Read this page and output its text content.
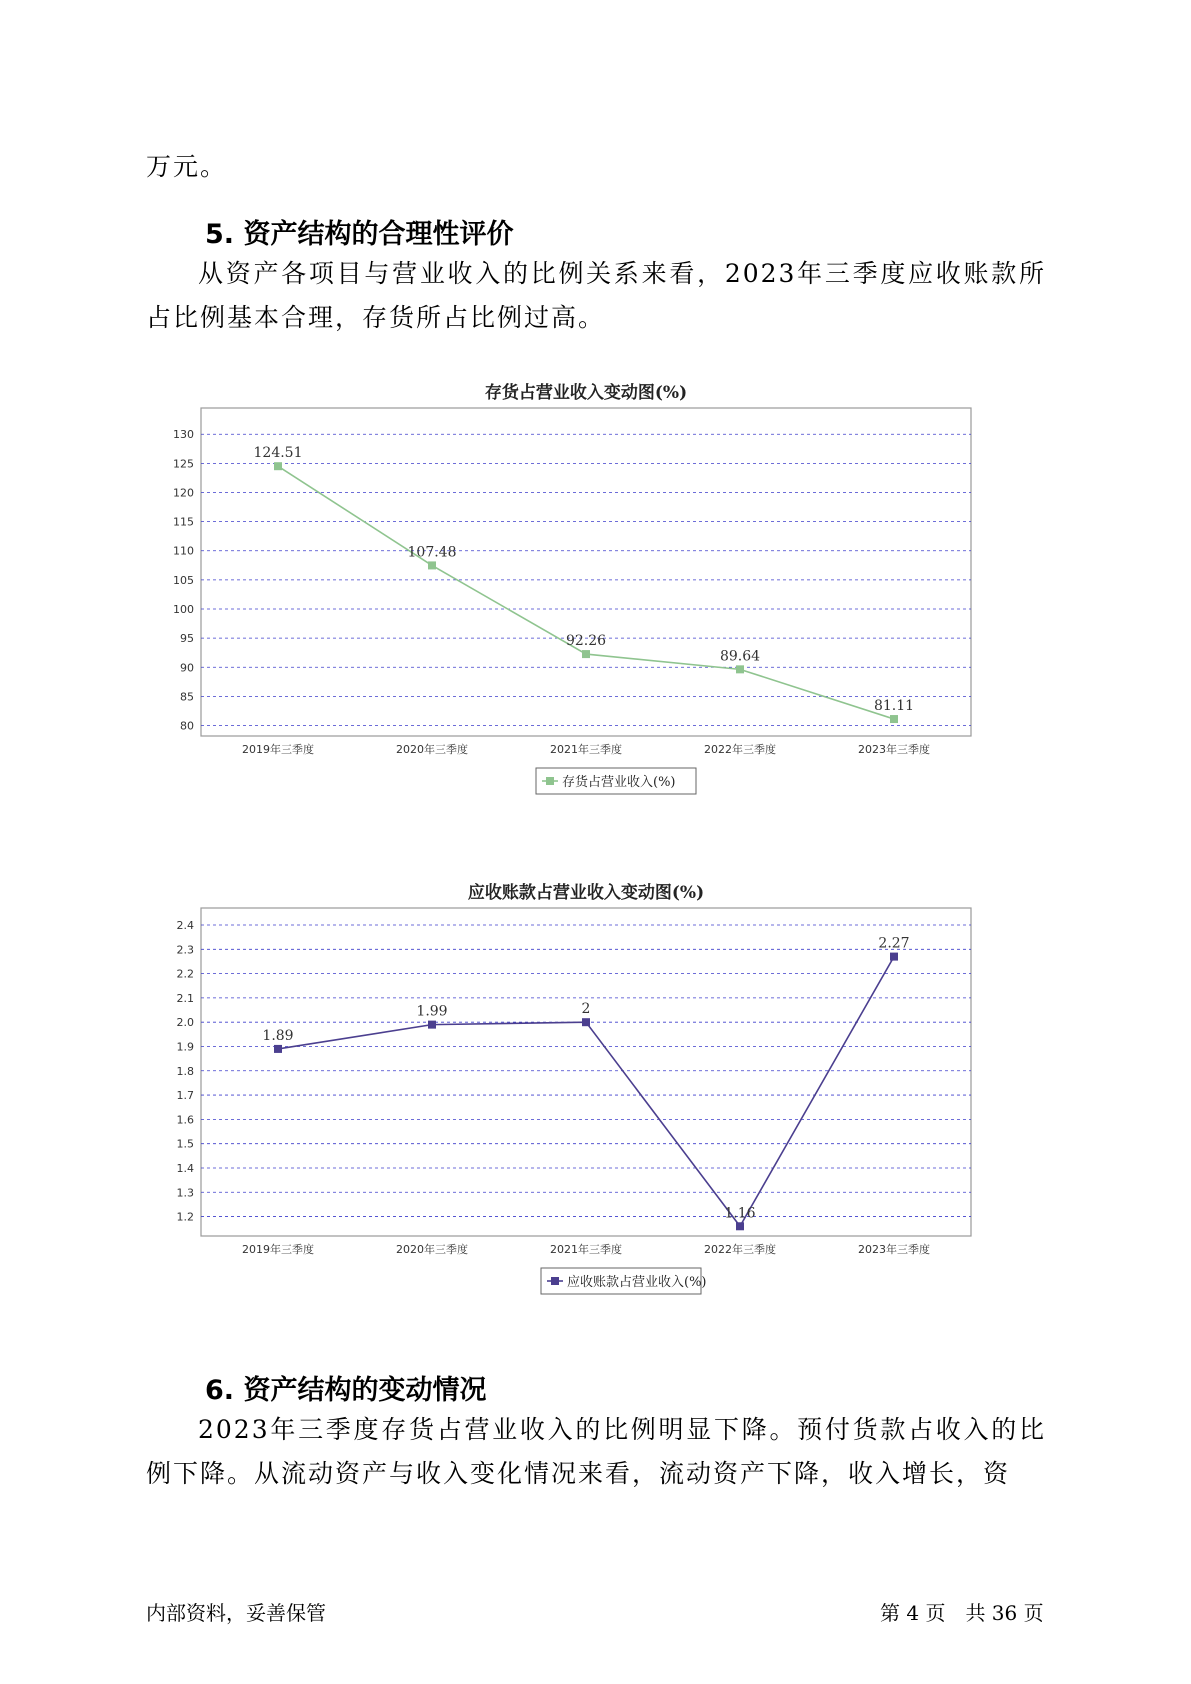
万元。

5. 资产结构的合理性评价

从资产各项目与营业收入的比例关系来看，2023年三季度应收账款所占比例基本合理，存货所占比例过高。

存货占营业收入变动图(%)
80
85
90
95
100
105
110
115
120
125
130
2019年三季度	2020年三季度	2021年三季度	2022年三季度	2023年三季度
124.51
107.48
92.26
89.64
81.11
存货占营业收入(%)
应收账款占营业收入变动图(%)
1.2
1.3
1.4
1.5
1.6
1.7
1.8
1.9
2.0
2.1
2.2
2.3
2.4
2019年三季度	2020年三季度	2021年三季度	2022年三季度	2023年三季度
1.89
1.99	2
1.16
2.27
应收账款占营业收入(%)
6. 资产结构的变动情况

2023年三季度存货占营业收入的比例明显下降。预付货款占收入的比例下降。从流动资产与收入变化情况来看，流动资产下降，收入增长，资

内部资料，妥善保管	第 4 页　共 36 页
